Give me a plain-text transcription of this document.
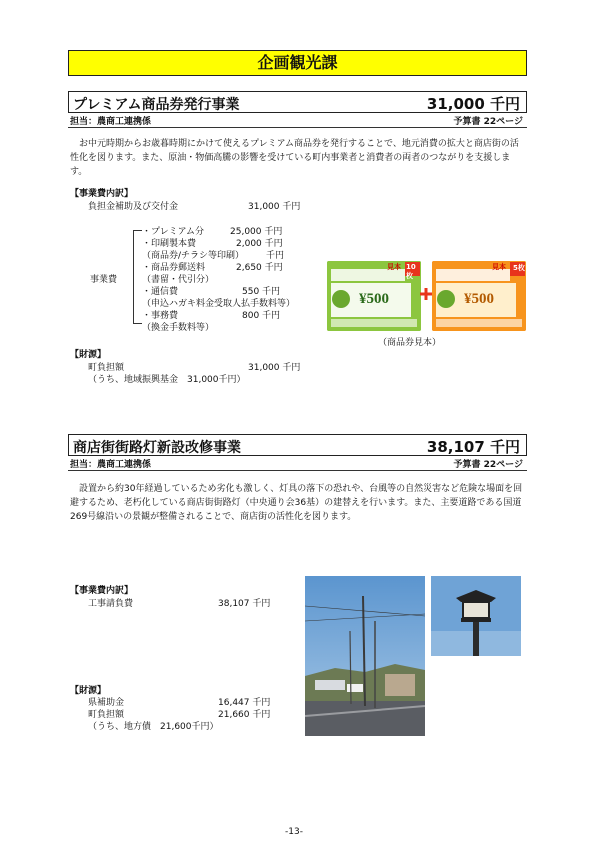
企画観光課
プレミアム商品券発行事業	31,000 千円
担当：農商工連携係	予算書 22ページ
お中元時期からお歳暮時期にかけて使えるプレミアム商品券を発行することで、地元消費の拡大と商店街の活性化を図ります。また、原油・物価高騰の影響を受けている町内事業者と消費者の両者のつながりを支援します。
【事業費内訳】
負担金補助及び交付金	31,000 千円
事業費
・プレミアム分	25,000 千円
・印刷製本費	2,000 千円
（商品券/チラシ等印刷） 千円
・商品券郵送料	2,650 千円
（書留・代引分）
・通信費	550 千円
（申込ハガキ料金受取人払手数料等）
・事務費	800 千円
（換金手数料等）
10枚
見本
¥500
5枚
見本
¥500
（商品券見本）
【財源】
町負担額	31,000 千円
（うち、地域振興基金　31,000千円）
商店街街路灯新設改修事業	38,107 千円
担当：農商工連携係	予算書 22ページ
設置から約30年経過しているため劣化も激しく、灯具の落下の恐れや、台風等の自然災害など危険な場面を回避するため、老朽化している商店街街路灯（中央通り会36基）の建替えを行います。また、主要道路である国道269号線沿いの景観が整備されることで、商店街の活性化を図ります。
【事業費内訳】
工事請負費	38,107 千円
【財源】
県補助金	16,447 千円
町負担額	21,660 千円
（うち、地方債　21,600千円）
-13-
